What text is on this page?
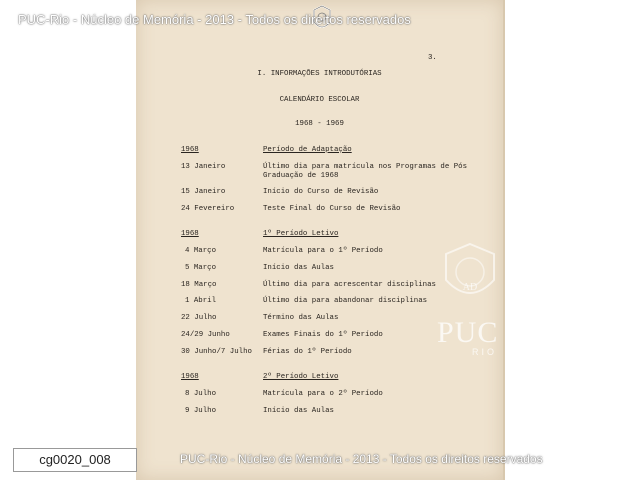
PUC-Rio - Núcleo de Memória - 2013 - Todos os direitos reservados
AD
PUC
RIO
3.
I. INFORMAÇÕES INTRODUTÓRIAS
CALENDÁRIO ESCOLAR
1968 - 1969
1968	Período de Adaptação
13 Janeiro	Último dia para matrícula nos Programas de Pós
Graduação de 1968
15 Janeiro	Início do Curso de Revisão
24 Fevereiro	Teste Final do Curso de Revisão
1968	1º Período Letivo
4 Março	Matrícula para o 1º Período
5 Março	Início das Aulas
18 Março	Último dia para acrescentar disciplinas
1 Abril	Último dia para abandonar disciplinas
22 Julho	Término das Aulas
24/29 Junho	Exames Finais do 1º Período
30 Junho/7 Julho Férias do 1º Período
1968	2º Período Letivo
8 Julho	Matrícula para o 2º Período
9 Julho	Início das Aulas
cg0020_008	PUC-Rio - Núcleo de Memória - 2013 - Todos os direitos reservados
